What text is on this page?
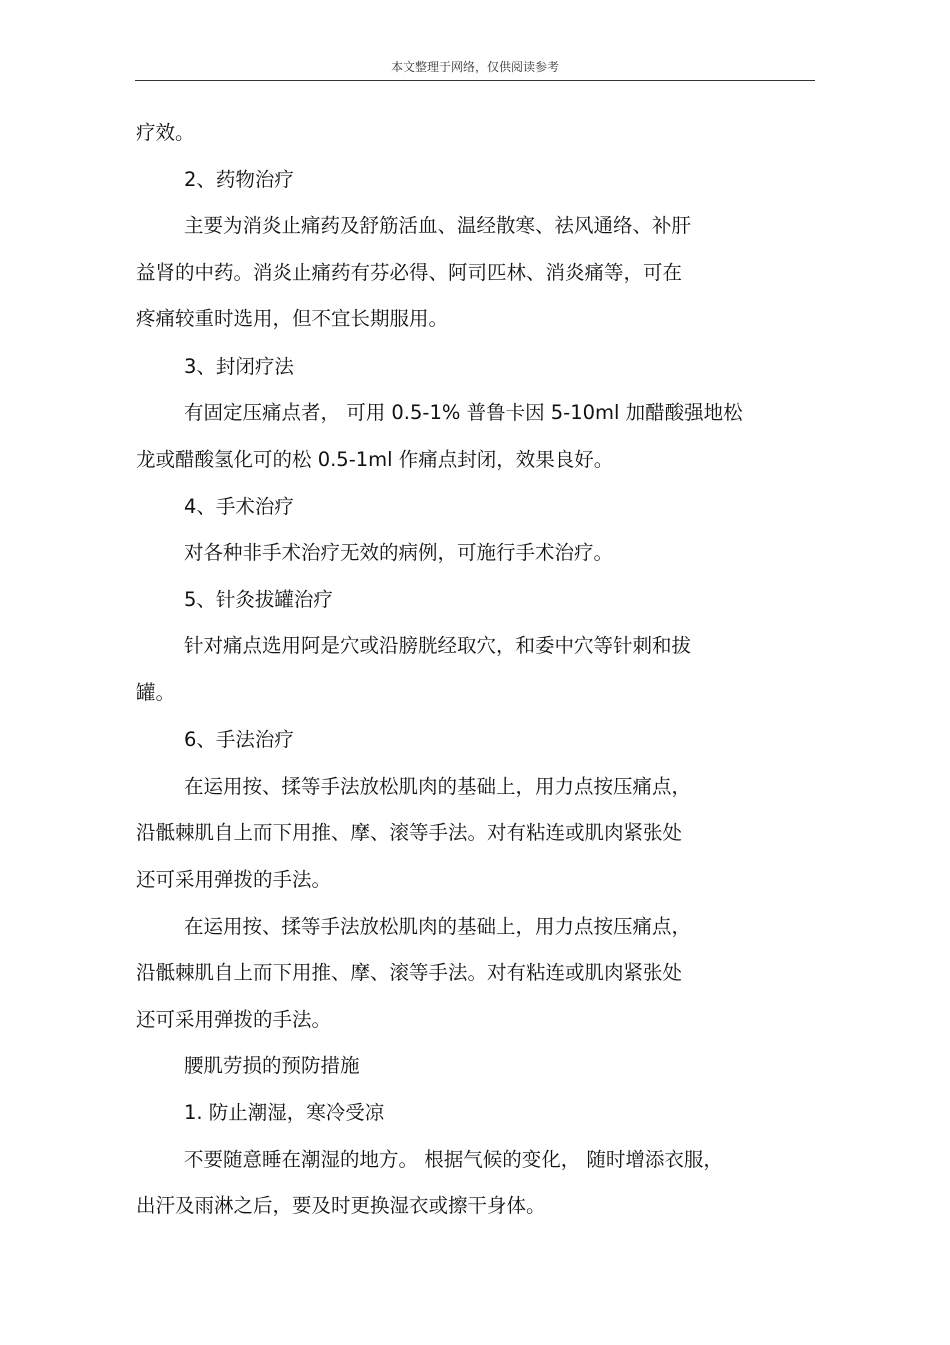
本文整理于网络，仅供阅读参考
疗效。
2、药物治疗
主要为消炎止痛药及舒筋活血、温经散寒、祛风通络、补肝
益肾的中药。消炎止痛药有芬必得、阿司匹林、消炎痛等，可在
疼痛较重时选用，但不宜长期服用。
3、封闭疗法
有固定压痛点者， 可用 0.5-1% 普鲁卡因 5-10ml 加醋酸强地松
龙或醋酸氢化可的松 0.5-1ml 作痛点封闭，效果良好。
4、手术治疗
对各种非手术治疗无效的病例，可施行手术治疗。
5、针灸拔罐治疗
针对痛点选用阿是穴或沿膀胱经取穴，和委中穴等针刺和拔
罐。
6、手法治疗
在运用按、揉等手法放松肌肉的基础上，用力点按压痛点，
沿骶棘肌自上而下用推、摩、滚等手法。对有粘连或肌肉紧张处
还可采用弹拨的手法。
在运用按、揉等手法放松肌肉的基础上，用力点按压痛点，
沿骶棘肌自上而下用推、摩、滚等手法。对有粘连或肌肉紧张处
还可采用弹拨的手法。
腰肌劳损的预防措施
1. 防止潮湿，寒冷受凉
不要随意睡在潮湿的地方。 根据气候的变化， 随时增添衣服，
出汗及雨淋之后，要及时更换湿衣或擦干身体。
